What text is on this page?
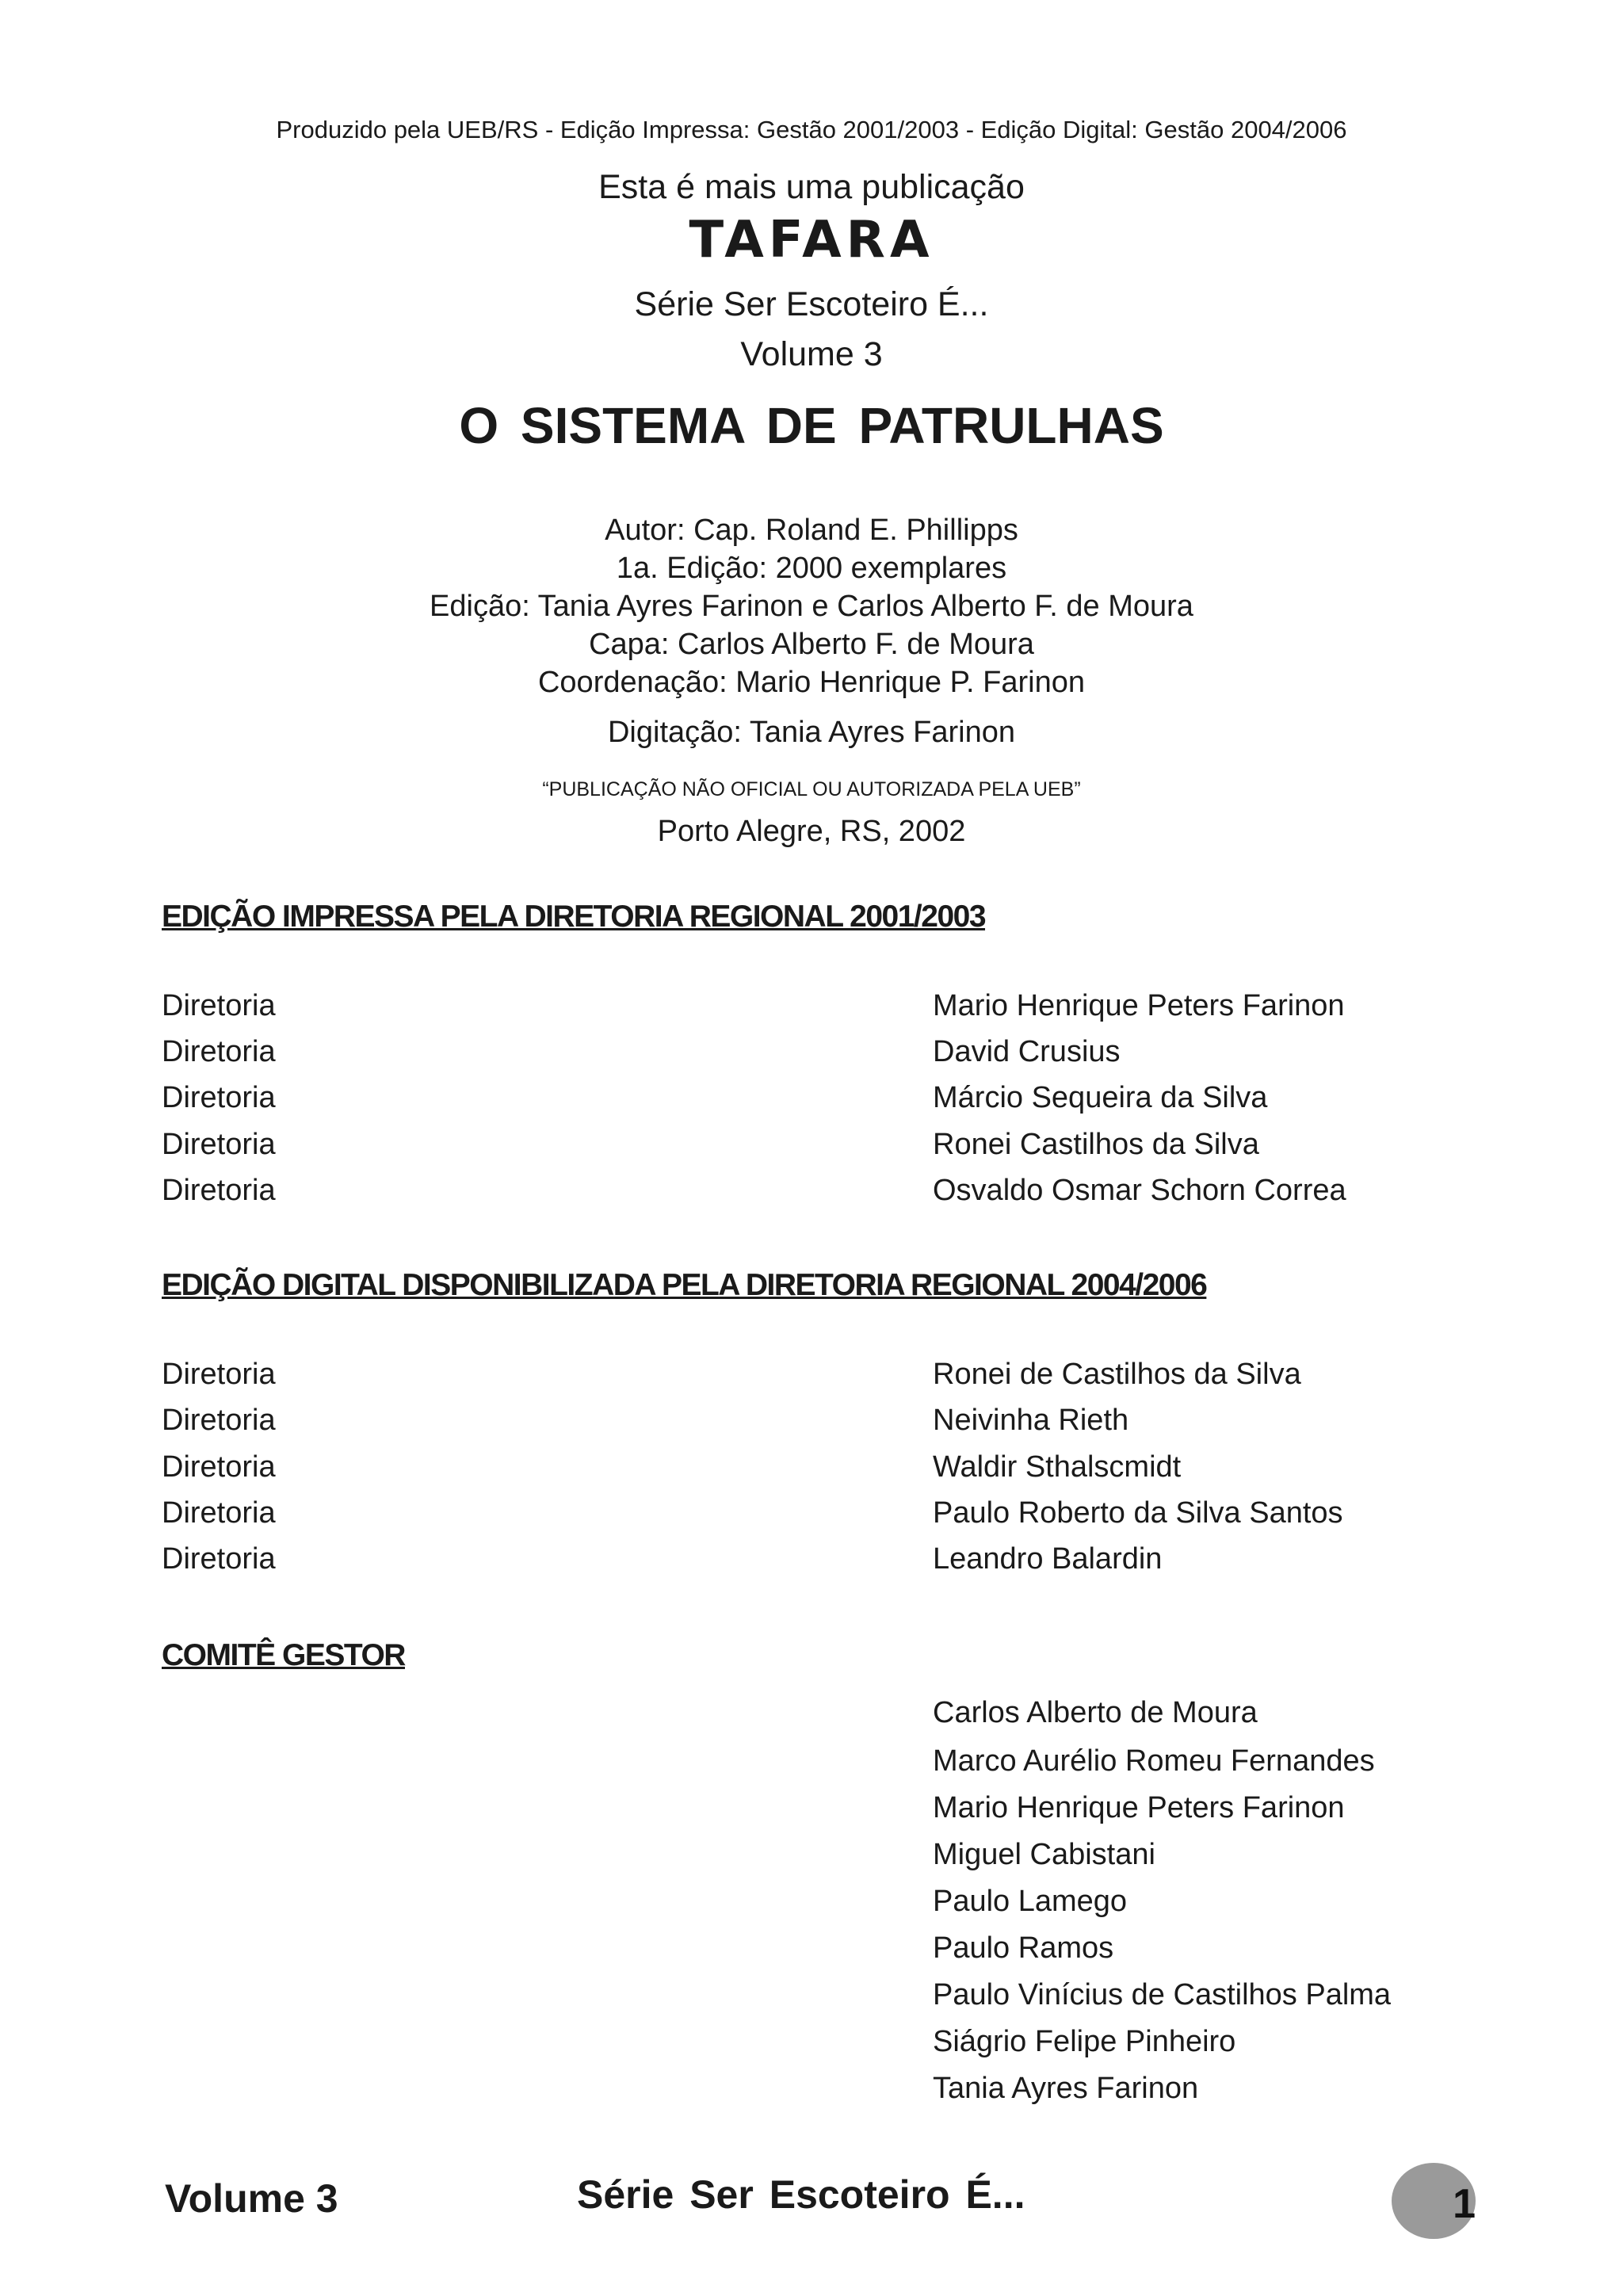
Produzido pela UEB/RS - Edição Impressa: Gestão 2001/2003 - Edição Digital: Gestão 2004/2006
Esta é mais uma publicação
TAFARA
Série Ser Escoteiro É...
Volume 3
O SISTEMA DE PATRULHAS
Autor: Cap. Roland E. Phillipps
1a. Edição: 2000 exemplares
Edição: Tania Ayres Farinon e Carlos Alberto F. de Moura
Capa: Carlos Alberto F. de Moura
Coordenação: Mario Henrique P. Farinon
Digitação: Tania Ayres Farinon
“PUBLICAÇÃO NÃO OFICIAL OU AUTORIZADA PELA UEB”
Porto Alegre, RS, 2002
EDIÇÃO IMPRESSA PELA DIRETORIA REGIONAL 2001/2003
Diretoria	Mario Henrique Peters Farinon
Diretoria	David Crusius
Diretoria	Márcio Sequeira da Silva
Diretoria	Ronei Castilhos da Silva
Diretoria	Osvaldo Osmar Schorn Correa
EDIÇÃO DIGITAL DISPONIBILIZADA PELA DIRETORIA REGIONAL 2004/2006
Diretoria	Ronei de Castilhos da Silva
Diretoria	Neivinha Rieth
Diretoria	Waldir Sthalscmidt
Diretoria	Paulo Roberto da Silva Santos
Diretoria	Leandro Balardin
COMITÊ GESTOR
Carlos Alberto de Moura
Marco Aurélio Romeu Fernandes
Mario Henrique Peters Farinon
Miguel Cabistani
Paulo Lamego
Paulo Ramos
Paulo Vinícius de Castilhos Palma
Siágrio Felipe Pinheiro
Tania Ayres Farinon
Volume 3	Série Ser Escoteiro É...	1
